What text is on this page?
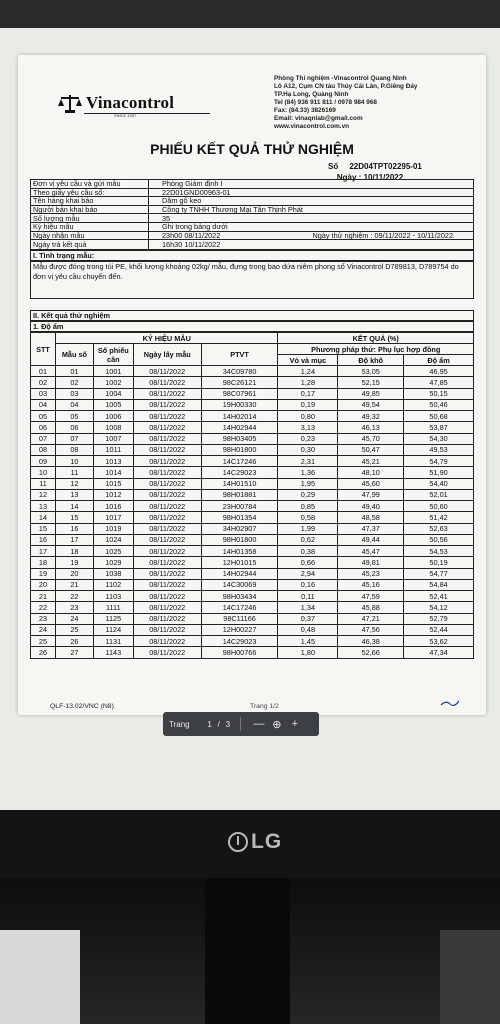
Vinacontrol
SINCE 1957
Phòng Thí nghiệm -Vinacontrol Quang Ninh
Lô A12, Cụm CN tàu Thủy Cái Lân, P.Giếng Đáy
TP.Hạ Long, Quảng Ninh
Tel (84) 936 911 811 / 0978 984 968
Fax: (84.33) 3826169
Email: vinaqnlab@gmail.com
www.vinacontrol.com.vn
PHIẾU KẾT QUẢ THỬ NGHIỆM
Số 22D04TPT02295-01
Ngày : 10/11/2022
Đơn vị yêu cầu và gửi mẫu	Phòng Giám định I
Theo giấy yêu cầu số:	22D01GND00963-01
Tên hàng khai báo	Dăm gỗ keo
Người bán khai báo	Công ty TNHH Thương Mại Tân Thịnh Phát
Số lượng mẫu	35
Ký hiệu mẫu	Ghi trong bảng dưới
Ngày nhận mẫu	23h00 08/11/2022	Ngày thử nghiệm : 09/11/2022 - 10/11/2022
Ngày trả kết quả	16h30 10/11/2022
I. Tình trạng mẫu:
Mẫu được đóng trong túi PE, khối lượng khoảng 02kg/ mẫu, đựng trong bao dứa niêm phong số Vinacontrol D789813, D789754 do đơn vị yêu cầu chuyển đến.
II. Kết quả thử nghiệm
1. Độ ẩm
STT	KÝ HIỆU MẪU				KẾT QUẢ (%)		
	Mẫu số	Số phiếu cân	Ngày lấy mẫu	PTVT	Phương pháp thử: Phụ lục hợp đồng		
					Vỏ và mục	Độ khô	Độ ẩm
01	01	1001	08/11/2022	34C09780	1,24	53,05	46,95
02	02	1002	08/11/2022	98C26121	1,28	52,15	47,85
03	03	1004	08/11/2022	98C07961	0,17	49,85	50,15
04	04	1005	08/11/2022	19H00330	0,19	49,54	50,46
05	05	1006	08/11/2022	14H02014	0,80	49,32	50,68
06	06	1008	08/11/2022	14H02944	3,13	46,13	53,87
07	07	1007	08/11/2022	98H03405	0,23	45,70	54,30
08	08	1011	08/11/2022	98H01800	0,30	50,47	49,53
09	10	1013	08/11/2022	14C17246	2,31	45,21	54,79
10	11	1014	08/11/2022	14C29023	1,36	48,10	51,90
11	12	1015	08/11/2022	14H01510	1,95	45,60	54,40
12	13	1012	08/11/2022	98H01881	0,29	47,99	52,01
13	14	1016	08/11/2022	23H00784	0,85	49,40	50,60
14	15	1017	08/11/2022	98H01354	0,58	48,58	51,42
15	16	1019	08/11/2022	34H02907	1,99	47,37	52,63
16	17	1024	08/11/2022	98H01800	0,62	49,44	50,56
17	18	1025	08/11/2022	14H01358	0,38	45,47	54,53
18	19	1029	08/11/2022	12H01015	0,66	49,81	50,19
19	20	1038	08/11/2022	14H02944	2,94	45,23	54,77
20	21	1102	08/11/2022	14C30069	0,16	45,16	54,84
21	22	1103	08/11/2022	98H03434	0,11	47,59	52,41
22	23	1111	08/11/2022	14C17246	1,34	45,88	54,12
23	24	1125	08/11/2022	98C11166	0,37	47,21	52,79
24	25	1124	08/11/2022	12H00227	0,48	47,56	52,44
25	26	1131	08/11/2022	14C29023	1,45	46,38	53,62
26	27	1143	08/11/2022	98H00766	1,80	52,66	47,34
QLF-13.02/VNC (N8)	Trang 1/2
Trang	1 / 3	— ⊕ +
LG
